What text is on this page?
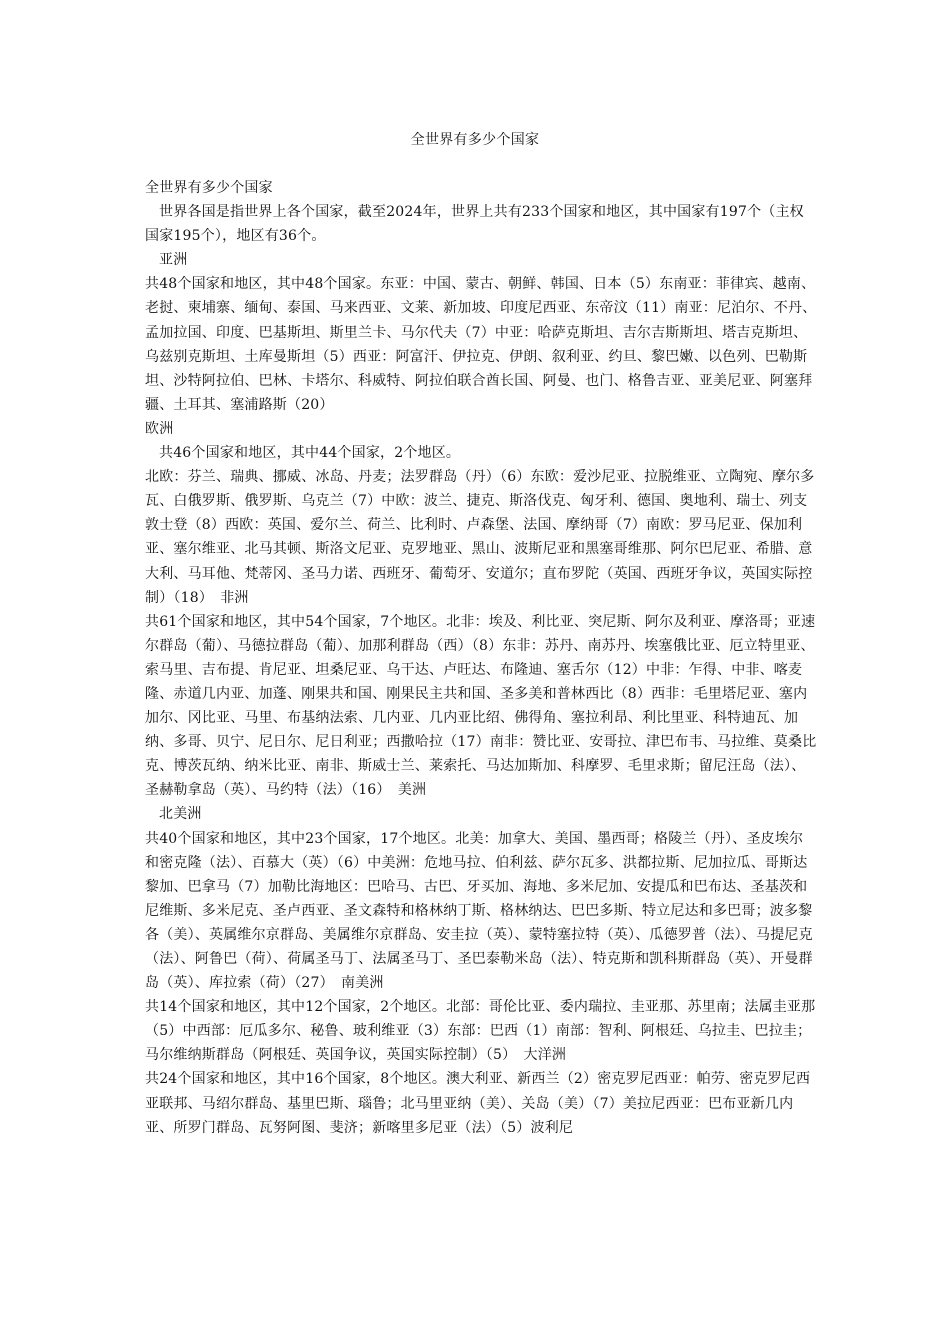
全世界有多少个国家

全世界有多少个国家

世界各国是指世界上各个国家，截至2024年，世界上共有233个国家和地区，其中国家有197个（主权国家195个），地区有36个。

亚洲

共48个国家和地区，其中48个国家。东亚：中国、蒙古、朝鲜、韩国、日本（5）东南亚：菲律宾、越南、老挝、柬埔寨、缅甸、泰国、马来西亚、文莱、新加坡、印度尼西亚、东帝汶（11）南亚：尼泊尔、不丹、孟加拉国、印度、巴基斯坦、斯里兰卡、马尔代夫（7）中亚：哈萨克斯坦、吉尔吉斯斯坦、塔吉克斯坦、乌兹别克斯坦、土库曼斯坦（5）西亚：阿富汗、伊拉克、伊朗、叙利亚、约旦、黎巴嫩、以色列、巴勒斯坦、沙特阿拉伯、巴林、卡塔尔、科威特、阿拉伯联合酋长国、阿曼、也门、格鲁吉亚、亚美尼亚、阿塞拜疆、土耳其、塞浦路斯（20）

欧洲

共46个国家和地区，其中44个国家，2个地区。

北欧：芬兰、瑞典、挪威、冰岛、丹麦；法罗群岛（丹）（6）东欧：爱沙尼亚、拉脱维亚、立陶宛、摩尔多瓦、白俄罗斯、俄罗斯、乌克兰（7）中欧：波兰、捷克、斯洛伐克、匈牙利、德国、奥地利、瑞士、列支敦士登（8）西欧：英国、爱尔兰、荷兰、比利时、卢森堡、法国、摩纳哥（7）南欧：罗马尼亚、保加利亚、塞尔维亚、北马其顿、斯洛文尼亚、克罗地亚、黑山、波斯尼亚和黑塞哥维那、阿尔巴尼亚、希腊、意大利、马耳他、梵蒂冈、圣马力诺、西班牙、葡萄牙、安道尔；直布罗陀（英国、西班牙争议，英国实际控制）（18）　非洲

共61个国家和地区，其中54个国家，7个地区。北非：埃及、利比亚、突尼斯、阿尔及利亚、摩洛哥；亚速尔群岛（葡）、马德拉群岛（葡）、加那利群岛（西）（8）东非：苏丹、南苏丹、埃塞俄比亚、厄立特里亚、索马里、吉布提、肯尼亚、坦桑尼亚、乌干达、卢旺达、布隆迪、塞舌尔（12）中非：乍得、中非、喀麦隆、赤道几内亚、加蓬、刚果共和国、刚果民主共和国、圣多美和普林西比（8）西非：毛里塔尼亚、塞内加尔、冈比亚、马里、布基纳法索、几内亚、几内亚比绍、佛得角、塞拉利昂、利比里亚、科特迪瓦、加纳、多哥、贝宁、尼日尔、尼日利亚；西撒哈拉（17）南非：赞比亚、安哥拉、津巴布韦、马拉维、莫桑比克、博茨瓦纳、纳米比亚、南非、斯威士兰、莱索托、马达加斯加、科摩罗、毛里求斯；留尼汪岛（法）、圣赫勒拿岛（英）、马约特（法）（16）　美洲

北美洲

共40个国家和地区，其中23个国家，17个地区。北美：加拿大、美国、墨西哥；格陵兰（丹）、圣皮埃尔和密克隆（法）、百慕大（英）（6）中美洲：危地马拉、伯利兹、萨尔瓦多、洪都拉斯、尼加拉瓜、哥斯达黎加、巴拿马（7）加勒比海地区：巴哈马、古巴、牙买加、海地、多米尼加、安提瓜和巴布达、圣基茨和尼维斯、多米尼克、圣卢西亚、圣文森特和格林纳丁斯、格林纳达、巴巴多斯、特立尼达和多巴哥；波多黎各（美）、英属维尔京群岛、美属维尔京群岛、安圭拉（英）、蒙特塞拉特（英）、瓜德罗普（法）、马提尼克（法）、阿鲁巴（荷）、荷属圣马丁、法属圣马丁、圣巴泰勒米岛（法）、特克斯和凯科斯群岛（英）、开曼群岛（英）、库拉索（荷）（27）　南美洲

共14个国家和地区，其中12个国家，2个地区。北部：哥伦比亚、委内瑞拉、圭亚那、苏里南；法属圭亚那（5）中西部：厄瓜多尔、秘鲁、玻利维亚（3）东部：巴西（1）南部：智利、阿根廷、乌拉圭、巴拉圭；马尔维纳斯群岛（阿根廷、英国争议，英国实际控制）（5）　大洋洲

共24个国家和地区，其中16个国家，8个地区。澳大利亚、新西兰（2）密克罗尼西亚：帕劳、密克罗尼西亚联邦、马绍尔群岛、基里巴斯、瑙鲁；北马里亚纳（美）、关岛（美）（7）美拉尼西亚：巴布亚新几内亚、所罗门群岛、瓦努阿图、斐济；新喀里多尼亚（法）（5）波利尼
